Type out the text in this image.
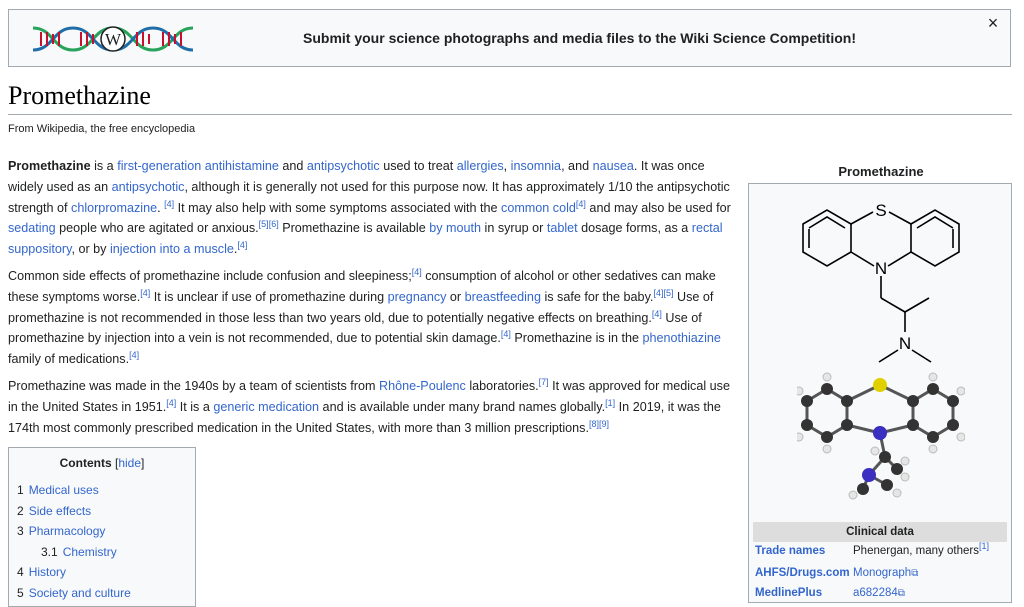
W	Submit your science photographs and media files to the Wiki Science Competition!
×
Promethazine
From Wikipedia, the free encyclopedia

Promethazine is a first-generation antihistamine and antipsychotic used to treat allergies, insomnia, and nausea. It was once widely used as an antipsychotic, although it is generally not used for this purpose now. It has approximately 1/10 the antipsychotic strength of chlorpromazine. [4] It may also help with some symptoms associated with the common cold[4] and may also be used for sedating people who are agitated or anxious.[5][6] Promethazine is available by mouth in syrup or tablet dosage forms, as a rectal suppository, or by injection into a muscle.[4]

Common side effects of promethazine include confusion and sleepiness;[4] consumption of alcohol or other sedatives can make these symptoms worse.[4] It is unclear if use of promethazine during pregnancy or breastfeeding is safe for the baby.[4][5] Use of promethazine is not recommended in those less than two years old, due to potentially negative effects on breathing.[4] Use of promethazine by injection into a vein is not recommended, due to potential skin damage.[4] Promethazine is in the phenothiazine family of medications.[4]

Promethazine was made in the 1940s by a team of scientists from Rhône-Poulenc laboratories.[7] It was approved for medical use in the United States in 1951.[4] It is a generic medication and is available under many brand names globally.[1] In 2019, it was the 174th most commonly prescribed medication in the United States, with more than 3 million prescriptions.[8][9]

Contents [hide]
1 Medical uses
2 Side effects
3 Pharmacology
3.1 Chemistry
4 History
5 Society and culture
Promethazine
S
N
N
Clinical data
Trade names Phenergan, many others[1]
AHFS/Drugs.com Monograph⧉
MedlinePlus	a682284⧉
